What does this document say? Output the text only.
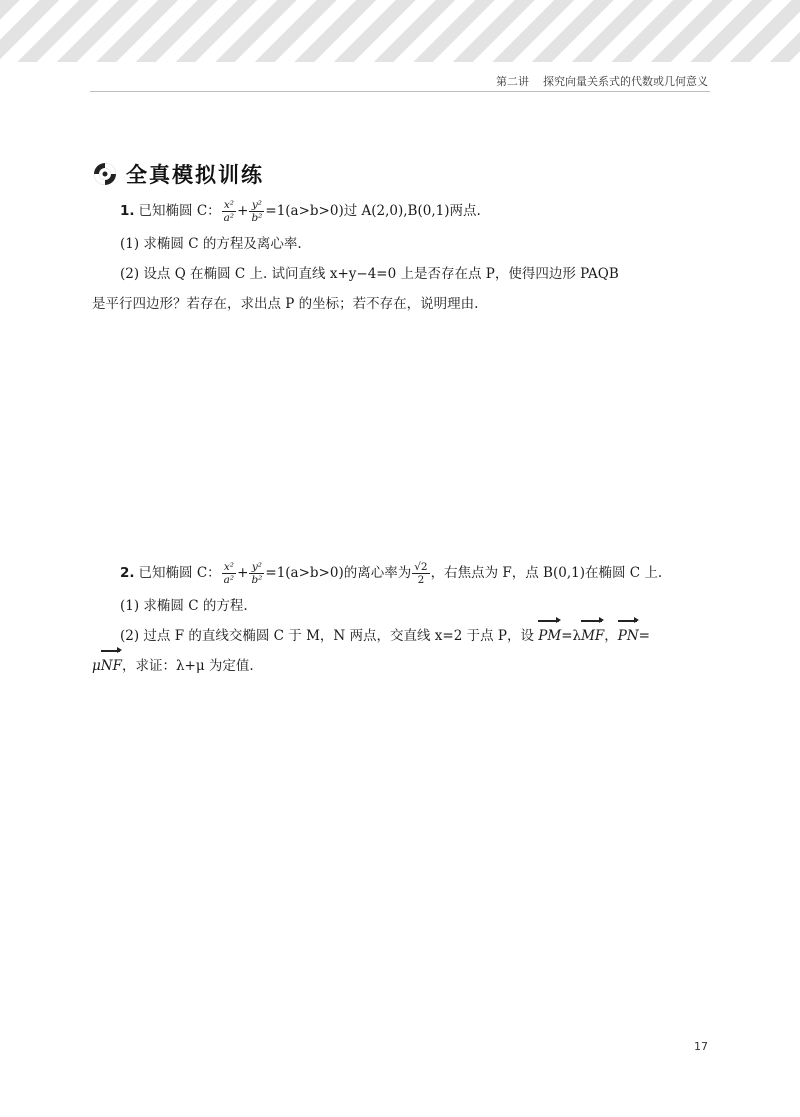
第二讲 探究向量关系式的代数或几何意义
全真模拟训练
1. 已知椭圆 C： $\frac{\text{x²}}{\text{a²}} + \frac{\text{y²}}{\text{b²}} =1(a>b>0)$过 A(2,0),B(0,1)两点.
(1) 求椭圆 C 的方程及离心率.
(2) 设点 Q 在椭圆 C 上. 试问直线 x+y−4=0 上是否存在点 P，使得四边形 PAQB
是平行四边形？若存在，求出点 P 的坐标；若不存在，说明理由.
2. 已知椭圆 C： $\frac{\text{x²}}{\text{a²}} + \frac{\text{y²}}{\text{b²}} =1(a>b>0)$的离心率为 $\frac{√2}{2}$ ，右焦点为 F，点 B(0,1)在椭圆 C 上.
(1) 求椭圆 C 的方程.
(2) 过点 F 的直线交椭圆 C 于 M，N 两点，交直线 x=2 于点 P，设 PM=λMF，PN=
μNF，求证：λ+μ 为定值.
17
